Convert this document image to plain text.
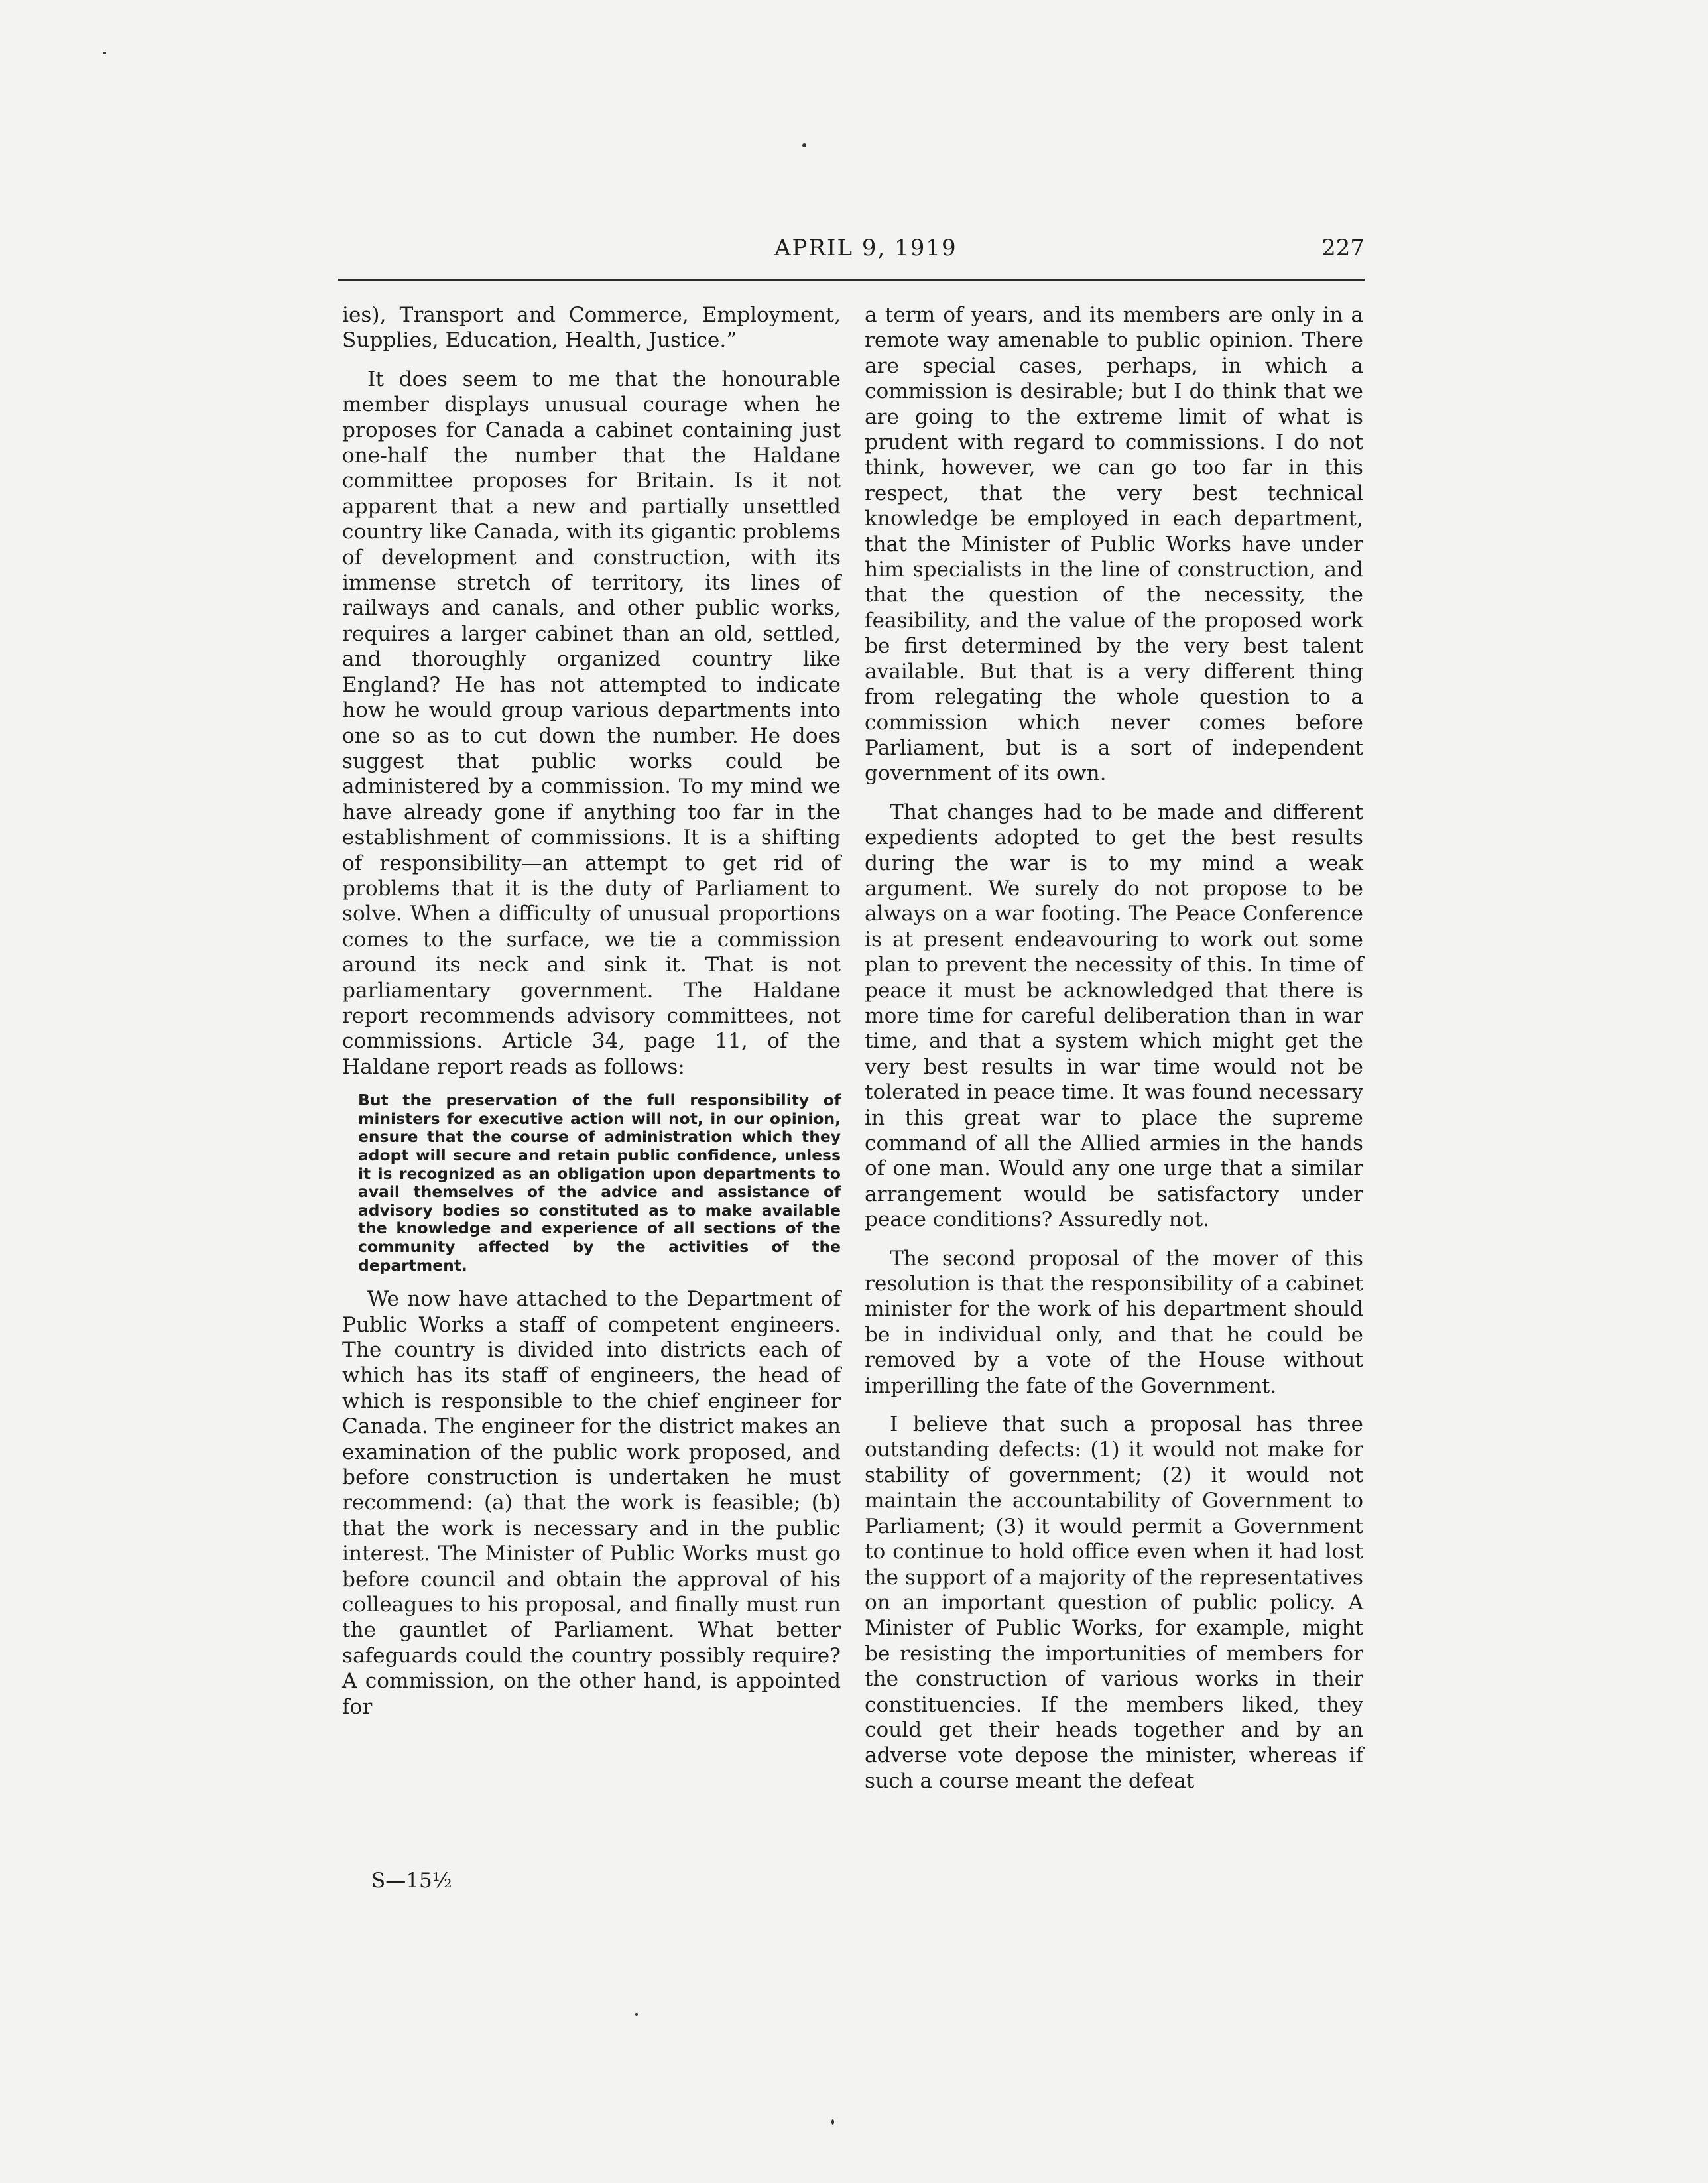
APRIL 9, 1919	227

ies), Transport and Commerce, Employment, Supplies, Education, Health, Justice.”

It does seem to me that the honourable member displays unusual courage when he proposes for Canada a cabinet containing just one-half the number that the Haldane committee proposes for Britain. Is it not apparent that a new and partially unsettled country like Canada, with its gigantic problems of development and construction, with its immense stretch of territory, its lines of railways and canals, and other public works, requires a larger cabinet than an old, settled, and thoroughly organized country like England? He has not attempted to indicate how he would group various departments into one so as to cut down the number. He does suggest that public works could be administered by a commission. To my mind we have already gone if anything too far in the establishment of commissions. It is a shifting of responsibility—an attempt to get rid of problems that it is the duty of Parliament to solve. When a difficulty of unusual proportions comes to the surface, we tie a commission around its neck and sink it. That is not parliamentary government. The Haldane report recommends advisory committees, not commissions. Article 34, page 11, of the Haldane report reads as follows:

But the preservation of the full responsibility of ministers for executive action will not, in our opinion, ensure that the course of administration which they adopt will secure and retain public confidence, unless it is recognized as an obligation upon departments to avail themselves of the advice and assistance of advisory bodies so constituted as to make available the knowledge and experience of all sections of the community affected by the activities of the department.

We now have attached to the Department of Public Works a staff of competent engineers. The country is divided into districts each of which has its staff of engineers, the head of which is responsible to the chief engineer for Canada. The engineer for the district makes an examination of the public work proposed, and before construction is undertaken he must recommend: (a) that the work is feasible; (b) that the work is necessary and in the public interest. The Minister of Public Works must go before council and obtain the approval of his colleagues to his proposal, and finally must run the gauntlet of Parliament. What better safeguards could the country possibly require? A commission, on the other hand, is appointed for

a term of years, and its members are only in a remote way amenable to public opinion. There are special cases, perhaps, in which a commission is desirable; but I do think that we are going to the extreme limit of what is prudent with regard to commissions. I do not think, however, we can go too far in this respect, that the very best technical knowledge be employed in each department, that the Minister of Public Works have under him specialists in the line of construction, and that the question of the necessity, the feasibility, and the value of the proposed work be first determined by the very best talent available. But that is a very different thing from relegating the whole question to a commission which never comes before Parliament, but is a sort of independent government of its own.

That changes had to be made and different expedients adopted to get the best results during the war is to my mind a weak argument. We surely do not propose to be always on a war footing. The Peace Conference is at present endeavouring to work out some plan to prevent the necessity of this. In time of peace it must be acknowledged that there is more time for careful deliberation than in war time, and that a system which might get the very best results in war time would not be tolerated in peace time. It was found necessary in this great war to place the supreme command of all the Allied armies in the hands of one man. Would any one urge that a similar arrangement would be satisfactory under peace conditions? Assuredly not.

The second proposal of the mover of this resolution is that the responsibility of a cabinet minister for the work of his department should be in individual only, and that he could be removed by a vote of the House without imperilling the fate of the Government.

I believe that such a proposal has three outstanding defects: (1) it would not make for stability of government; (2) it would not maintain the accountability of Government to Parliament; (3) it would permit a Government to continue to hold office even when it had lost the support of a majority of the representatives on an important question of public policy. A Minister of Public Works, for example, might be resisting the importunities of members for the construction of various works in their constituencies. If the members liked, they could get their heads together and by an adverse vote depose the minister, whereas if such a course meant the defeat

S—15½
